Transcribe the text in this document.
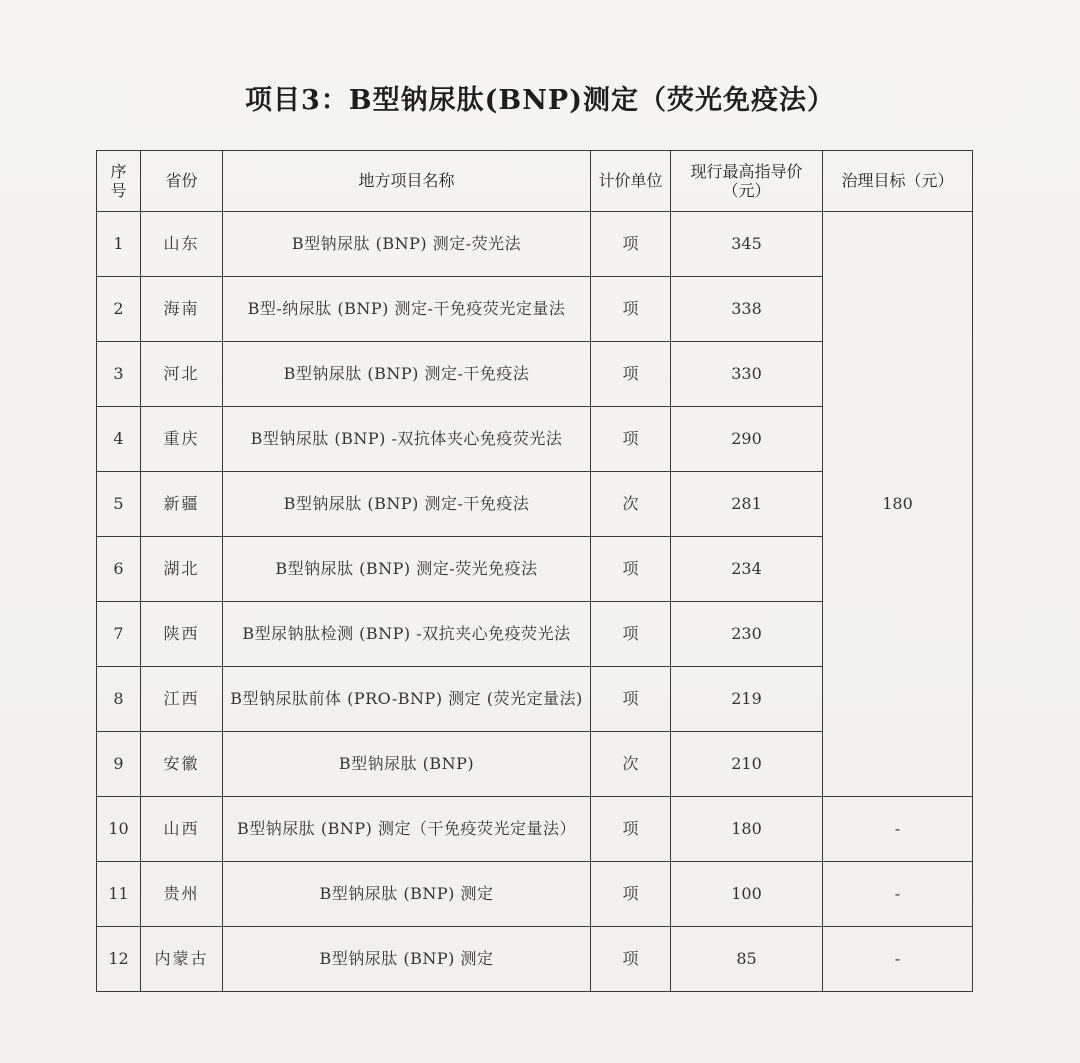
项目3：B型钠尿肽(BNP)测定（荧光免疫法）
序号	省份	地方项目名称	计价单位	现行最高指导价（元）	治理目标（元）
1	山东	B型钠尿肽 (BNP) 测定-荧光法	项	345	180
2	海南	B型-纳尿肽 (BNP) 测定-干免疫荧光定量法	项	338	
3	河北	B型钠尿肽 (BNP) 测定-干免疫法	项	330	
4	重庆	B型钠尿肽 (BNP) -双抗体夹心免疫荧光法	项	290	
5	新疆	B型钠尿肽 (BNP) 测定-干免疫法	次	281	
6	湖北	B型钠尿肽 (BNP) 测定-荧光免疫法	项	234	
7	陕西	B型尿钠肽检测 (BNP) -双抗夹心免疫荧光法	项	230	
8	江西	B型钠尿肽前体 (PRO-BNP) 测定 (荧光定量法)	项	219	
9	安徽	B型钠尿肽 (BNP)	次	210	
10	山西	B型钠尿肽 (BNP) 测定（干免疫荧光定量法）	项	180	-
11	贵州	B型钠尿肽 (BNP) 测定	项	100	-
12	内蒙古	B型钠尿肽 (BNP) 测定	项	85	-
